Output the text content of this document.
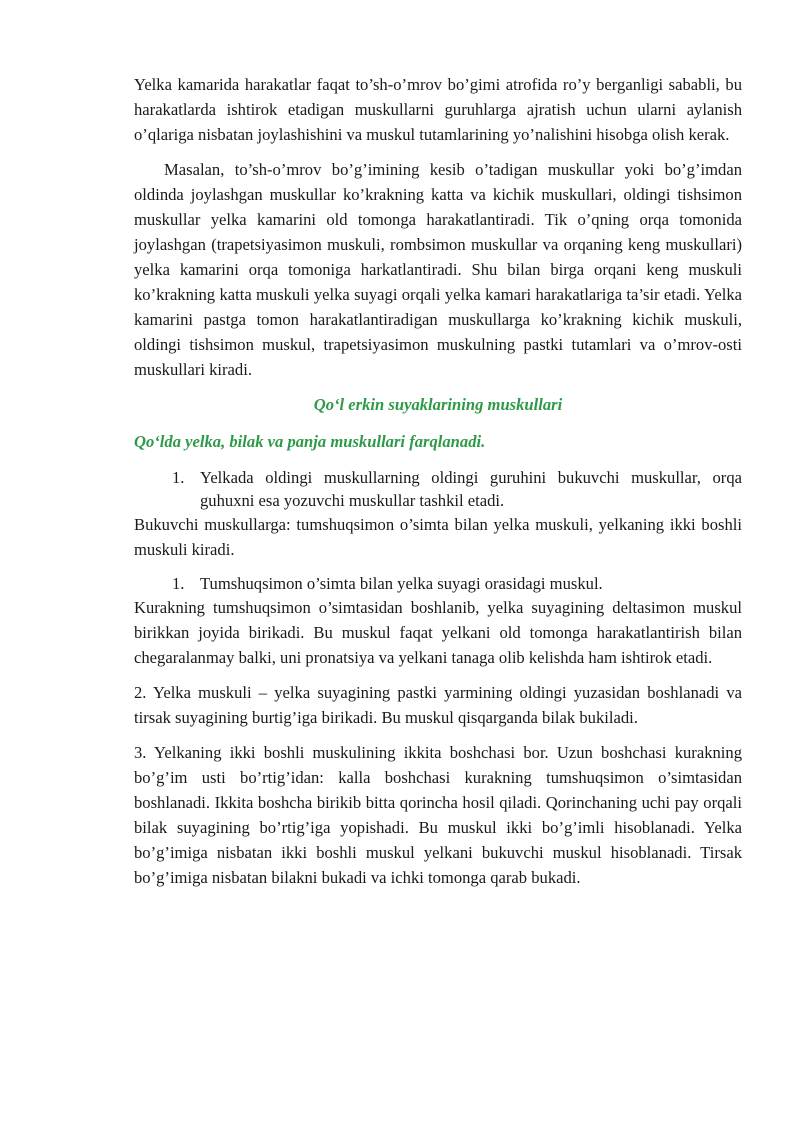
Yelka kamarida harakatlar faqat to’sh-o’mrov bo’gimi atrofida ro’y berganligi sababli, bu harakatlarda ishtirok etadigan muskullarni guruhlarga ajratish uchun ularni aylanish o’qlariga nisbatan joylashishini va muskul tutamlarining yo’nalishini hisobga olish kerak.

Masalan, to’sh-o’mrov bo’g’imining kesib o’tadigan muskullar yoki bo’g’imdan oldinda joylashgan muskullar ko’krakning katta va kichik muskullari, oldingi tishsimon muskullar yelka kamarini old tomonga harakatlantiradi. Tik o’qning orqa tomonida joylashgan (trapetsiyasimon muskuli, rombsimon muskullar va orqaning keng muskullari) yelka kamarini orqa tomoniga harkatlantiradi. Shu bilan birga orqani keng muskuli ko’krakning katta muskuli yelka suyagi orqali yelka kamari harakatlariga ta’sir etadi. Yelka kamarini pastga tomon harakatlantiradigan muskullarga ko’krakning kichik muskuli, oldingi tishsimon muskul, trapetsiyasimon muskulning pastki tutamlari va o’mrov-osti muskullari kiradi.

Qo‘l erkin suyaklarining muskullari
Qo‘lda yelka, bilak va panja muskullari farqlanadi.
1. Yelkada oldingi muskullarning oldingi guruhini bukuvchi muskullar, orqa guhuxni esa yozuvchi muskullar tashkil etadi.

Bukuvchi muskullarga: tumshuqsimon o’simta bilan yelka muskuli, yelkaning ikki boshli muskuli kiradi.

1. Tumshuqsimon o’simta bilan yelka suyagi orasidagi muskul.

Kurakning tumshuqsimon o’simtasidan boshlanib, yelka suyagining deltasimon muskul birikkan joyida birikadi. Bu muskul faqat yelkani old tomonga harakatlantirish bilan chegaralanmay balki, uni pronatsiya va yelkani tanaga olib kelishda ham ishtirok etadi.

2. Yelka muskuli – yelka suyagining pastki yarmining oldingi yuzasidan boshlanadi va tirsak suyagining burtig’iga birikadi. Bu muskul qisqarganda bilak bukiladi.

3. Yelkaning ikki boshli muskulining ikkita boshchasi bor. Uzun boshchasi kurakning bo’g’im usti bo’rtig’idan: kalla boshchasi kurakning tumshuqsimon o’simtasidan boshlanadi. Ikkita boshcha birikib bitta qorincha hosil qiladi. Qorinchaning uchi pay orqali bilak suyagining bo’rtig’iga yopishadi. Bu muskul ikki bo’g’imli hisoblanadi. Yelka bo’g’imiga nisbatan ikki boshli muskul yelkani bukuvchi muskul hisoblanadi. Tirsak bo’g’imiga nisbatan bilakni bukadi va ichki tomonga qarab bukadi.
